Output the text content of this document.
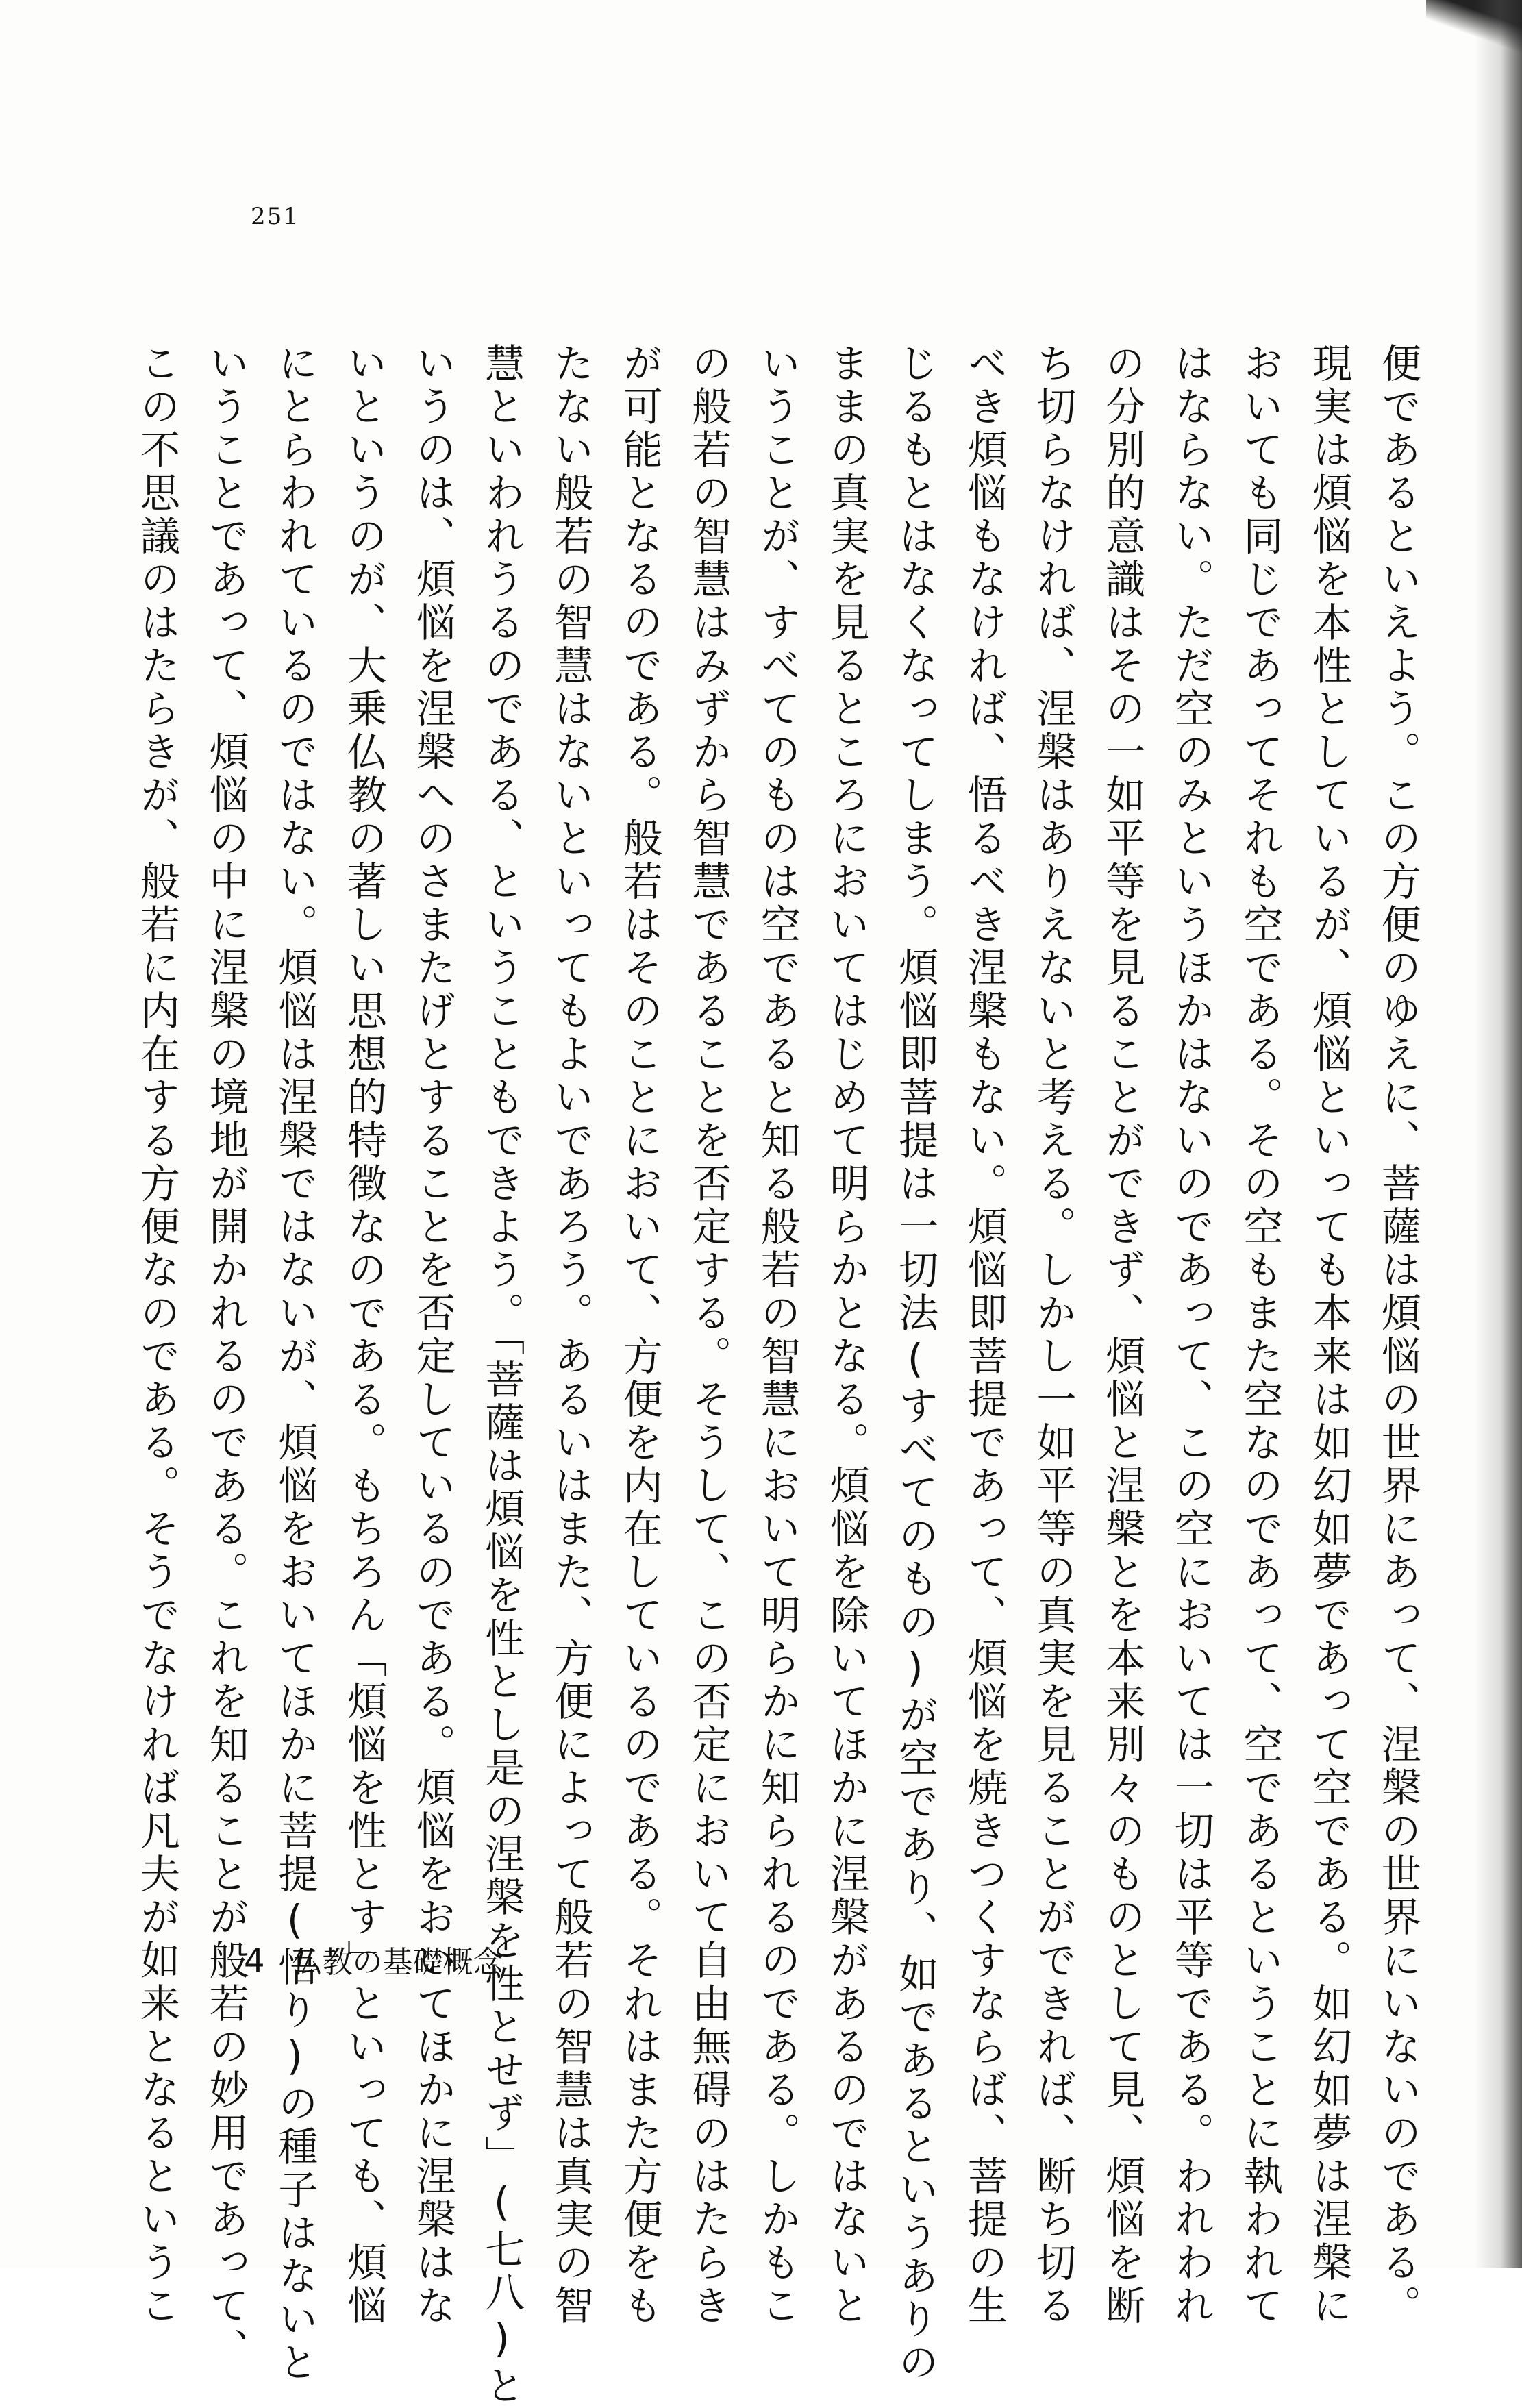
251
便であるといえよう。この方便のゆえに、菩薩は煩悩の世界にあって、涅槃の世界にいないのである。
現実は煩悩を本性としているが、煩悩といっても本来は如幻如夢であって空である。如幻如夢は涅槃に
おいても同じであってそれも空である。その空もまた空なのであって、空であるということに執われて
はならない。ただ空のみというほかはないのであって、この空においては一切は平等である。われわれ
の分別的意識はその一如平等を見ることができず、煩悩と涅槃とを本来別々のものとして見、煩悩を断
ち切らなければ、涅槃はありえないと考える。しかし一如平等の真実を見ることができれば、断ち切る
べき煩悩もなければ、悟るべき涅槃もない。煩悩即菩提であって、煩悩を焼きつくすならば、菩提の生
じるもとはなくなってしまう。煩悩即菩提は一切法(すべてのもの)が空であり、如であるというありの
ままの真実を見るところにおいてはじめて明らかとなる。煩悩を除いてほかに涅槃があるのではないと
いうことが、すべてのものは空であると知る般若の智慧において明らかに知られるのである。しかもこ
の般若の智慧はみずから智慧であることを否定する。そうして、この否定において自由無碍のはたらき
が可能となるのである。般若はそのことにおいて、方便を内在しているのである。それはまた方便をも
たない般若の智慧はないといってもよいであろう。あるいはまた、方便によって般若の智慧は真実の智
慧といわれうるのである、ということもできよう。「菩薩は煩悩を性とし是の涅槃を性とせず」(七八)と
いうのは、煩悩を涅槃へのさまたげとすることを否定しているのである。煩悩をおいてほかに涅槃はな
いというのが、大乗仏教の著しい思想的特徴なのである。もちろん「煩悩を性とす」といっても、煩悩
にとらわれているのではない。煩悩は涅槃ではないが、煩悩をおいてほかに菩提(悟り)の種子はないと
いうことであって、煩悩の中に涅槃の境地が開かれるのである。これを知ることが般若の妙用であって、
この不思議のはたらきが、般若に内在する方便なのである。そうでなければ凡夫が如来となるというこ 4 仏教の基礎概念
